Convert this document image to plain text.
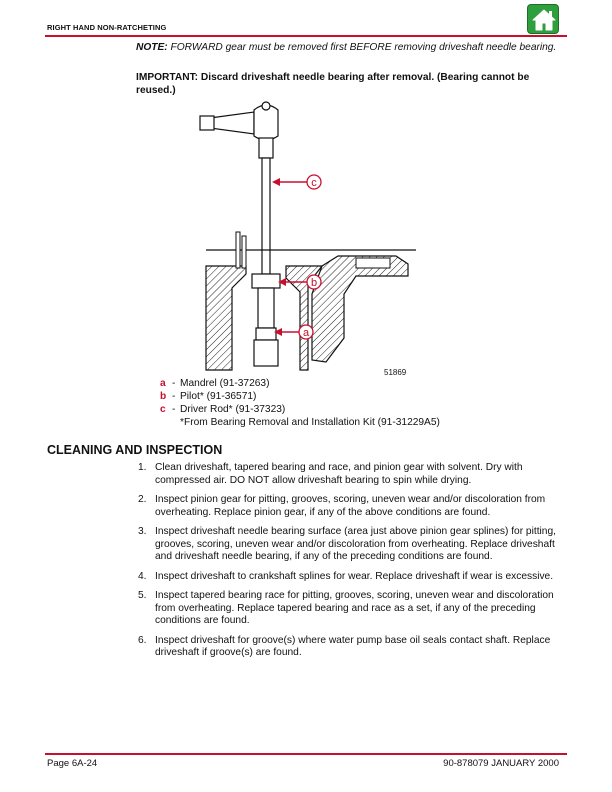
RIGHT HAND NON-RATCHETING
NOTE: FORWARD gear must be removed first BEFORE removing driveshaft needle bearing.
IMPORTANT: Discard driveshaft needle bearing after removal. (Bearing cannot be reused.)
c
b
a
51869
a - Mandrel (91-37263)
b - Pilot* (91-36571)
c - Driver Rod* (91-37323)
*From Bearing Removal and Installation Kit (91-31229A5)
CLEANING AND INSPECTION
1. Clean driveshaft, tapered bearing and race, and pinion gear with solvent. Dry with compressed air. DO NOT allow driveshaft bearing to spin while drying.
2. Inspect pinion gear for pitting, grooves, scoring, uneven wear and/or discoloration from overheating. Replace pinion gear, if any of the above conditions are found.
3. Inspect driveshaft needle bearing surface (area just above pinion gear splines) for pitting, grooves, scoring, uneven wear and/or discoloration from overheating. Replace driveshaft and driveshaft needle bearing, if any of the preceding conditions are found.
4. Inspect driveshaft to crankshaft splines for wear. Replace driveshaft if wear is excessive.
5. Inspect tapered bearing race for pitting, grooves, scoring, uneven wear and discoloration from overheating. Replace tapered bearing and race as a set, if any of the preceding conditions are found.
6. Inspect driveshaft for groove(s) where water pump base oil seals contact shaft. Replace driveshaft if groove(s) are found.
Page 6A-24	90-878079 JANUARY 2000
